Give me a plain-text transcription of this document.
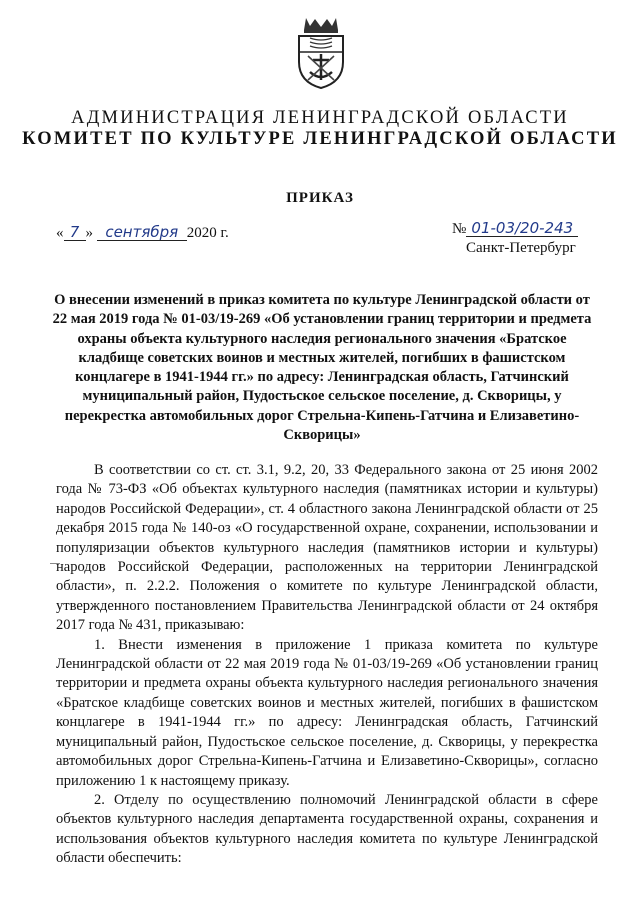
АДМИНИСТРАЦИЯ ЛЕНИНГРАДСКОЙ ОБЛАСТИ
КОМИТЕТ ПО КУЛЬТУРЕ ЛЕНИНГРАДСКОЙ ОБЛАСТИ
ПРИКАЗ
« 7 » сентября 2020 г.	№ 01-03/20-243
Санкт-Петербург
О внесении изменений в приказ комитета по культуре Ленинградской области от 22 мая 2019 года № 01-03/19-269 «Об установлении границ территории и предмета охраны объекта культурного наследия регионального значения «Братское кладбище советских воинов и местных жителей, погибших в фашистском концлагере в 1941-1944 гг.» по адресу: Ленинградская область, Гатчинский муниципальный район, Пудостьское сельское поселение, д. Скворицы, у перекрестка автомобильных дорог Стрельна-Кипень-Гатчина и Елизаветино-Скворицы»

В соответствии со ст. ст. 3.1, 9.2, 20, 33 Федерального закона от 25 июня 2002 года № 73-ФЗ «Об объектах культурного наследия (памятниках истории и культуры) народов Российской Федерации», ст. 4 областного закона Ленинградской области от 25 декабря 2015 года № 140-оз «О государственной охране, сохранении, использовании и популяризации объектов культурного наследия (памятников истории и культуры) народов Российской Федерации, расположенных на территории Ленинградской области», п. 2.2.2. Положения о комитете по культуре Ленинградской области, утвержденного постановлением Правительства Ленинградской области от 24 октября 2017 года № 431, приказываю:

1. Внести изменения в приложение 1 приказа комитета по культуре Ленинградской области от 22 мая 2019 года № 01-03/19-269 «Об установлении границ территории и предмета охраны объекта культурного наследия регионального значения «Братское кладбище советских воинов и местных жителей, погибших в фашистском концлагере в 1941-1944 гг.» по адресу: Ленинградская область, Гатчинский муниципальный район, Пудостьское сельское поселение, д. Скворицы, у перекрестка автомобильных дорог Стрельна-Кипень-Гатчина и Елизаветино-Скворицы», согласно приложению 1 к настоящему приказу.

2. Отделу по осуществлению полномочий Ленинградской области в сфере объектов культурного наследия департамента государственной охраны, сохранения и использования объектов культурного наследия комитета по культуре Ленинградской области обеспечить:
